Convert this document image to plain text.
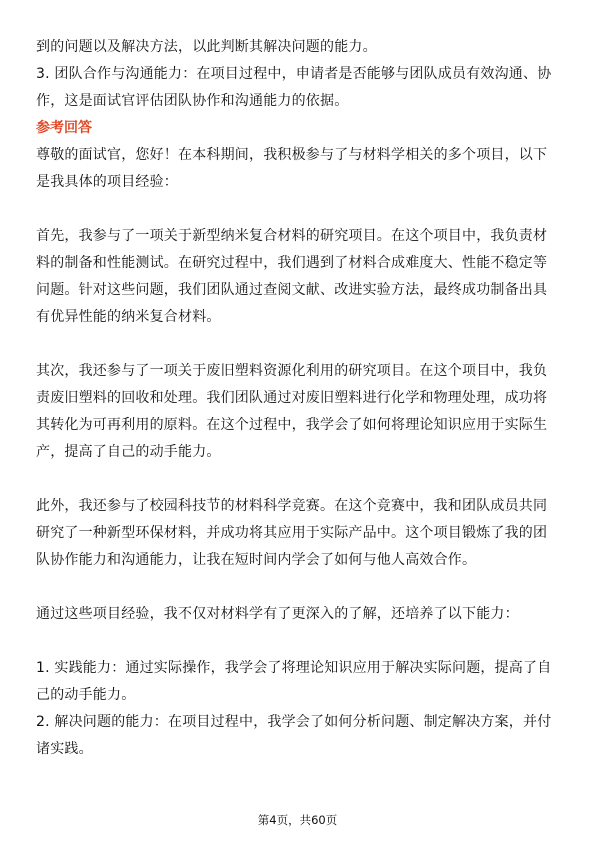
到的问题以及解决方法，以此判断其解决问题的能力。
3. 团队合作与沟通能力：在项目过程中，申请者是否能够与团队成员有效沟通、协
作，这是面试官评估团队协作和沟通能力的依据。
参考回答
尊敬的面试官，您好！在本科期间，我积极参与了与材料学相关的多个项目，以下
是我具体的项目经验：
首先，我参与了一项关于新型纳米复合材料的研究项目。在这个项目中，我负责材
料的制备和性能测试。在研究过程中，我们遇到了材料合成难度大、性能不稳定等
问题。针对这些问题，我们团队通过查阅文献、改进实验方法，最终成功制备出具
有优异性能的纳米复合材料。
其次，我还参与了一项关于废旧塑料资源化利用的研究项目。在这个项目中，我负
责废旧塑料的回收和处理。我们团队通过对废旧塑料进行化学和物理处理，成功将
其转化为可再利用的原料。在这个过程中，我学会了如何将理论知识应用于实际生
产，提高了自己的动手能力。
此外，我还参与了校园科技节的材料科学竞赛。在这个竞赛中，我和团队成员共同
研究了一种新型环保材料，并成功将其应用于实际产品中。这个项目锻炼了我的团
队协作能力和沟通能力，让我在短时间内学会了如何与他人高效合作。
通过这些项目经验，我不仅对材料学有了更深入的了解，还培养了以下能力：
1. 实践能力：通过实际操作，我学会了将理论知识应用于解决实际问题，提高了自
己的动手能力。
2. 解决问题的能力：在项目过程中，我学会了如何分析问题、制定解决方案，并付
诸实践。
第4页，共60页
